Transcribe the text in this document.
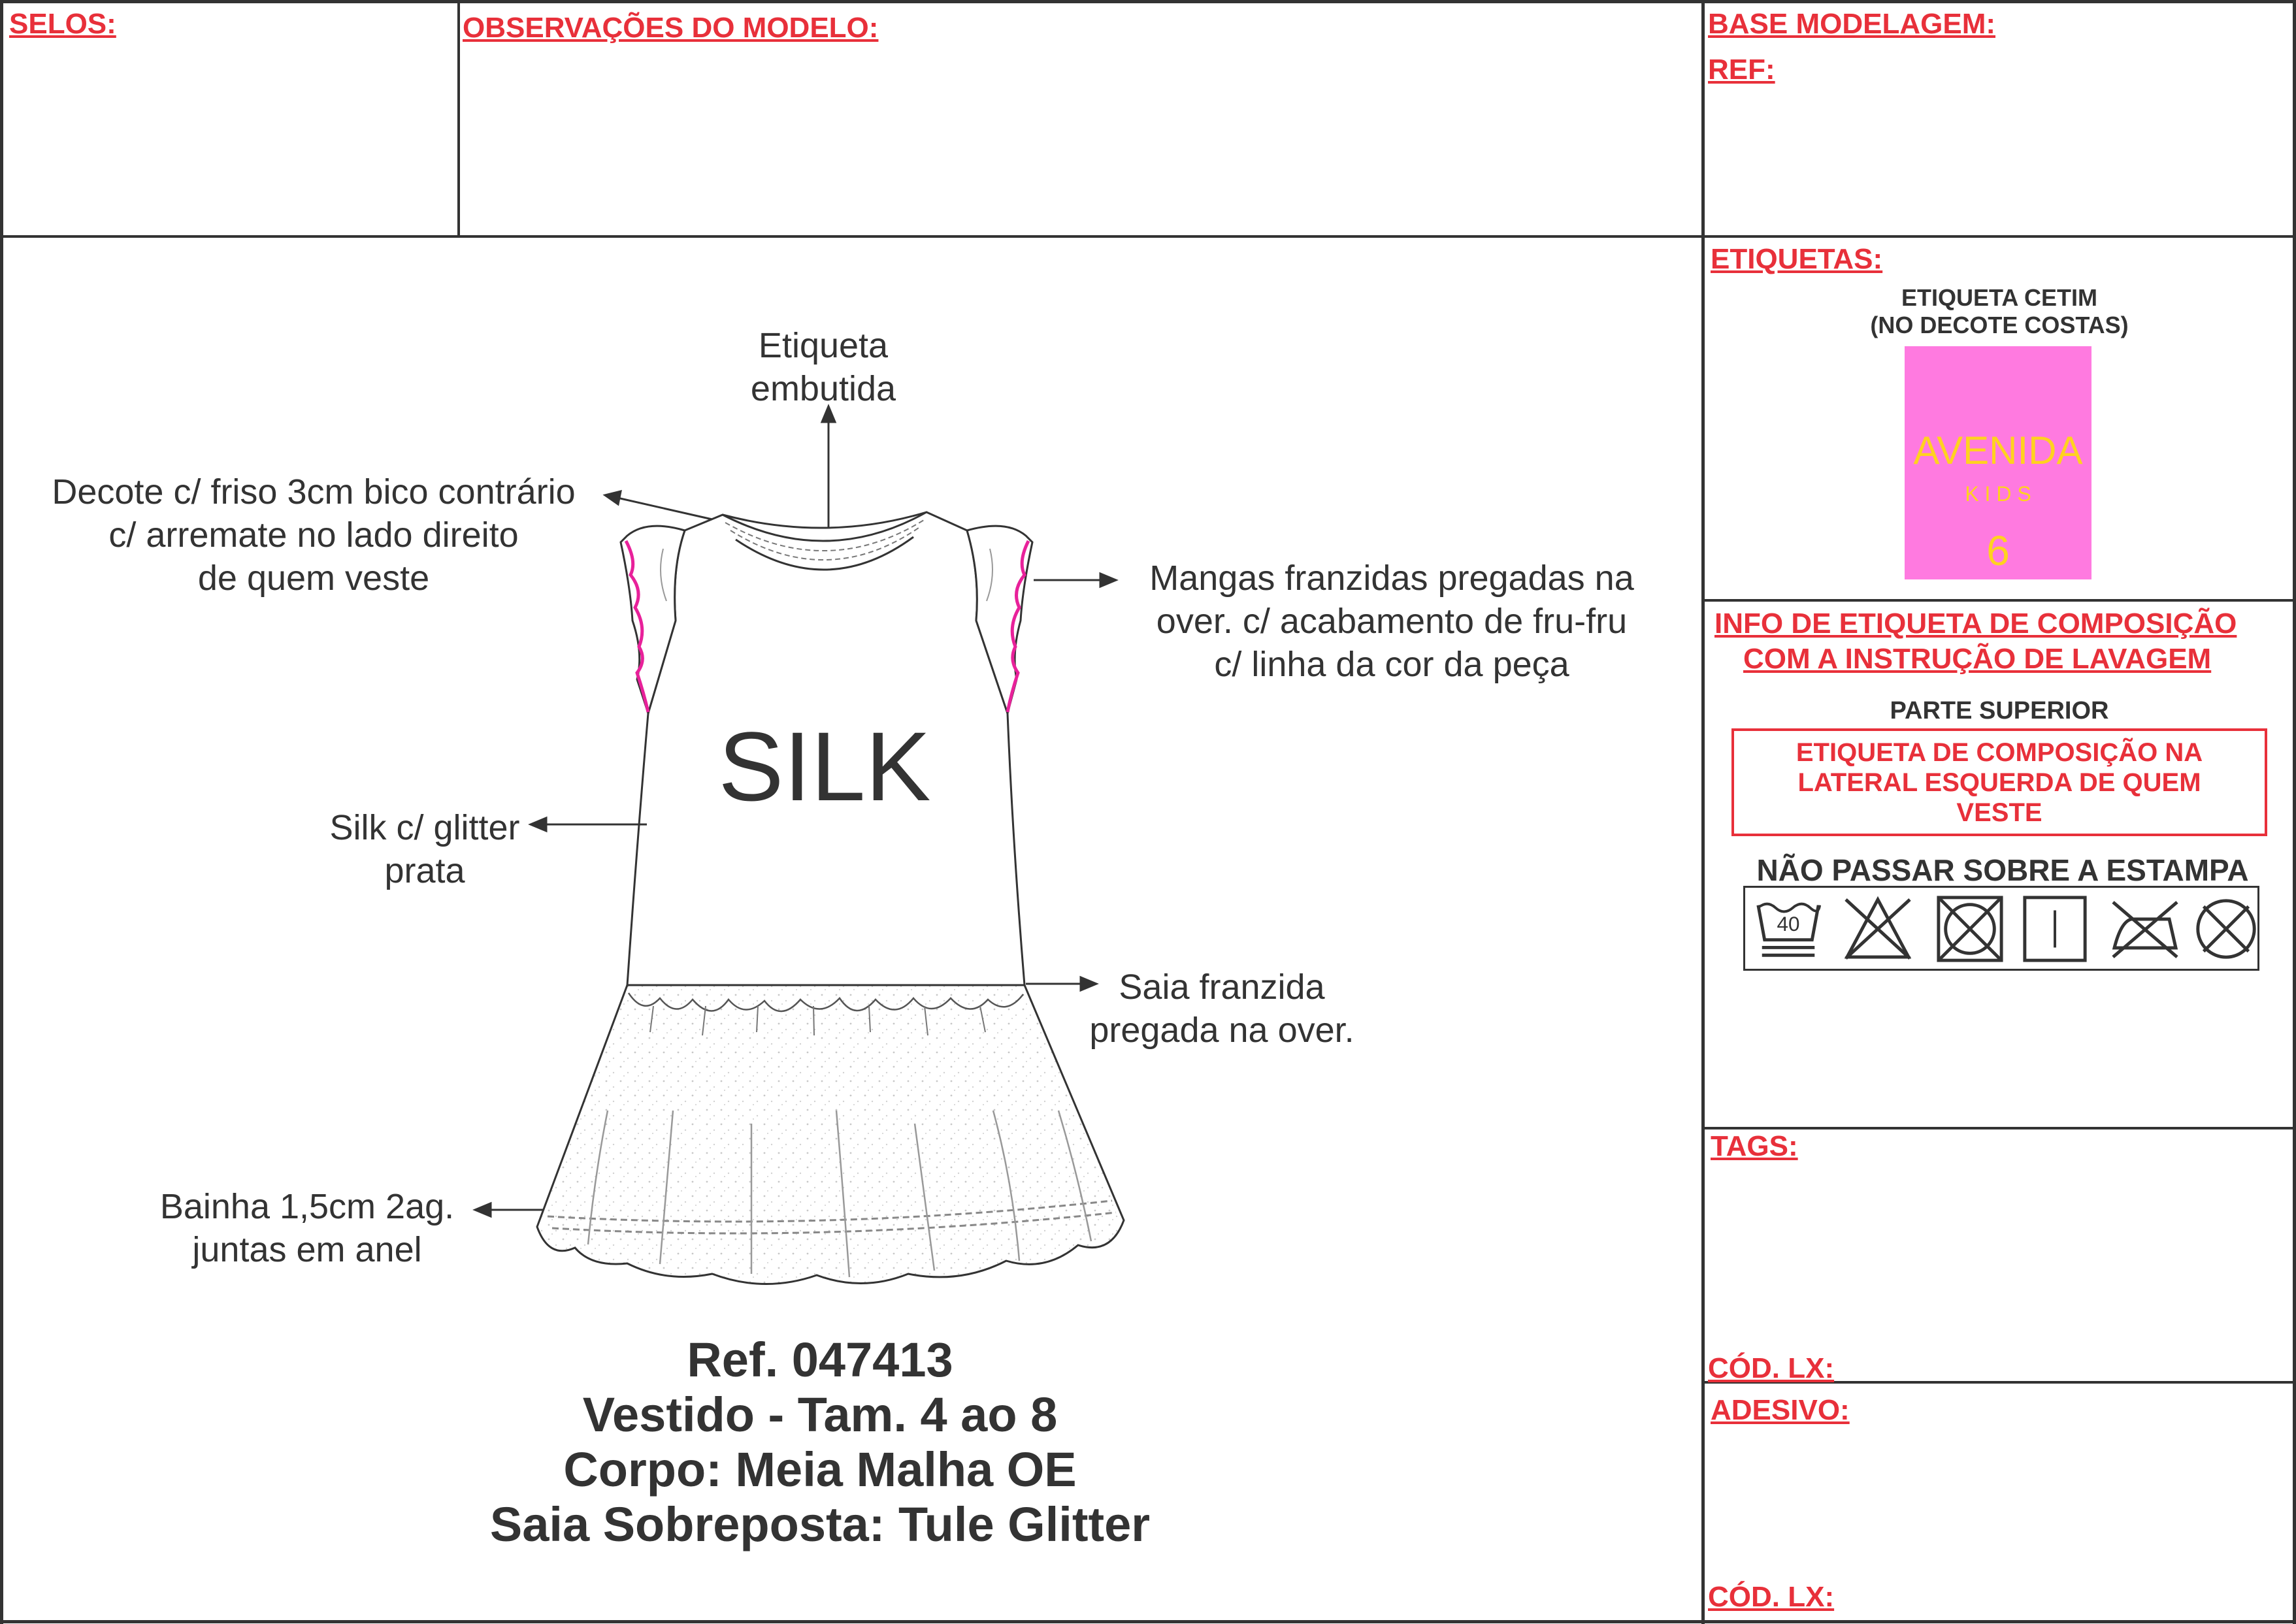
SELOS:	OBSERVAÇÕES DO MODELO:	BASE MODELAGEM:
REF:
ETIQUETAS:
ETIQUETA CETIM
(NO DECOTE COSTAS)
AVENIDA
K I D S
6
INFO DE ETIQUETA DE COMPOSIÇÃO
COM A INSTRUÇÃO DE LAVAGEM
PARTE SUPERIOR
ETIQUETA DE COMPOSIÇÃO NA
LATERAL ESQUERDA DE QUEM
VESTE
NÃO PASSAR SOBRE A ESTAMPA
40
TAGS:
CÓD. LX:
ADESIVO:
CÓD. LX:
SILK
Etiqueta
embutida
Decote c/ friso 3cm bico contrário
c/ arremate no lado direito
de quem veste	Mangas franzidas pregadas na
over. c/ acabamento de fru-fru
c/ linha da cor da peça
Silk c/ glitter
prata
Saia franzida
pregada na over.
Bainha 1,5cm 2ag.
juntas em anel
Ref. 047413
Vestido - Tam. 4 ao 8
Corpo: Meia Malha OE
Saia Sobreposta: Tule Glitter
